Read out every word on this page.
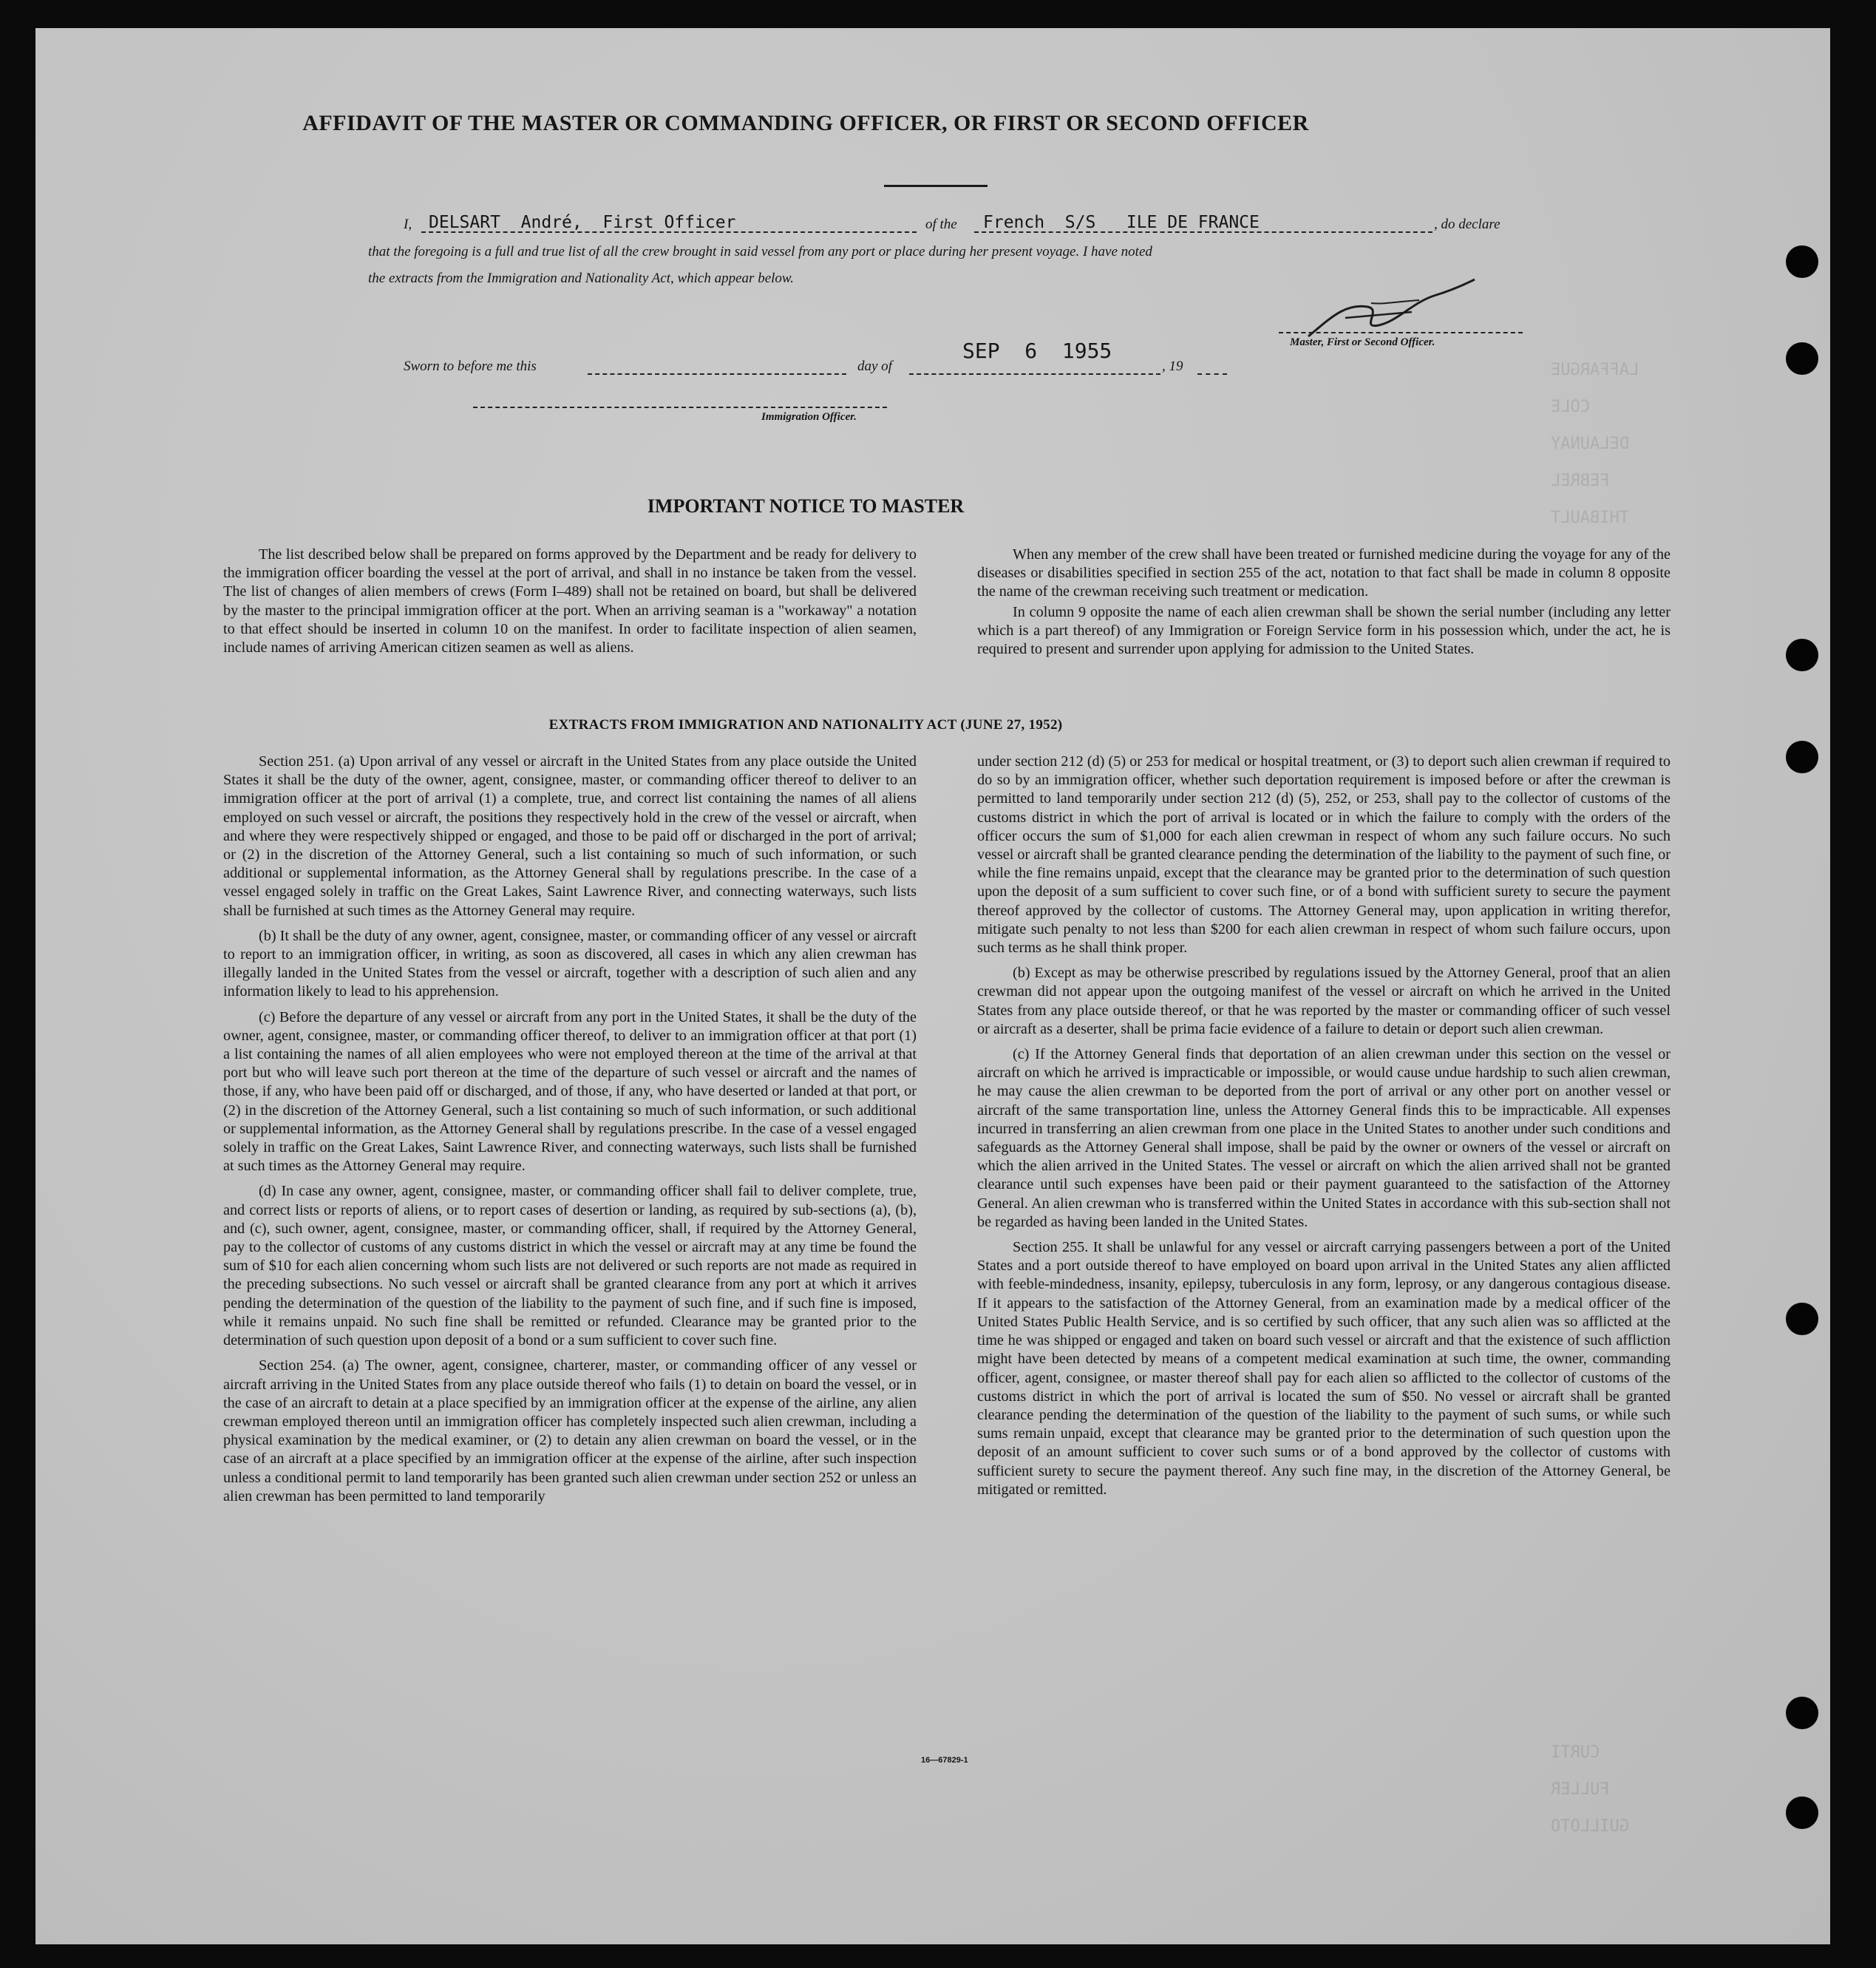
LAFFARGUE
COLE
DELAUNAY
FEBREL
THIBAULT
CURTI
FULLER
GUILLOTO
AFFIDAVIT OF THE MASTER OR COMMANDING OFFICER, OR FIRST OR SECOND OFFICER
I, DELSART  André,  First Officer	of the French  S/S   ILE DE FRANCE	, do declare
that the foregoing is a full and true list of all the crew brought in said vessel from any port or place during her present voyage. I have noted
the extracts from the Immigration and Nationality Act, which appear below.
Master, First or Second Officer.
Sworn to before me this	day of
SEP  6  1955
, 19
Immigration Officer.
IMPORTANT NOTICE TO MASTER

The list described below shall be prepared on forms approved by the Department and be ready for delivery to the immigration officer boarding the vessel at the port of arrival, and shall in no instance be taken from the vessel. The list of changes of alien members of crews (Form I–489) shall not be retained on board, but shall be delivered by the master to the principal immigration officer at the port. When an arriving seaman is a "workaway" a notation to that effect should be inserted in column 10 on the manifest. In order to facilitate inspection of alien seamen, include names of arriving American citizen seamen as well as aliens.

When any member of the crew shall have been treated or furnished medicine during the voyage for any of the diseases or disabilities specified in section 255 of the act, notation to that fact shall be made in column 8 opposite the name of the crewman receiving such treatment or medication.

In column 9 opposite the name of each alien crewman shall be shown the serial number (including any letter which is a part thereof) of any Immigration or Foreign Service form in his possession which, under the act, he is required to present and surrender upon applying for admission to the United States.

EXTRACTS FROM IMMIGRATION AND NATIONALITY ACT (JUNE 27, 1952)

Section 251. (a) Upon arrival of any vessel or aircraft in the United States from any place outside the United States it shall be the duty of the owner, agent, consignee, master, or commanding officer thereof to deliver to an immigration officer at the port of arrival (1) a complete, true, and correct list containing the names of all aliens employed on such vessel or aircraft, the positions they respectively hold in the crew of the vessel or aircraft, when and where they were respectively shipped or engaged, and those to be paid off or discharged in the port of arrival; or (2) in the discretion of the Attorney General, such a list containing so much of such information, or such additional or supplemental information, as the Attorney General shall by regulations prescribe. In the case of a vessel engaged solely in traffic on the Great Lakes, Saint Lawrence River, and connecting waterways, such lists shall be furnished at such times as the Attorney General may require.

(b) It shall be the duty of any owner, agent, consignee, master, or commanding officer of any vessel or aircraft to report to an immigration officer, in writing, as soon as discovered, all cases in which any alien crewman has illegally landed in the United States from the vessel or aircraft, together with a description of such alien and any information likely to lead to his apprehension.

(c) Before the departure of any vessel or aircraft from any port in the United States, it shall be the duty of the owner, agent, consignee, master, or commanding officer thereof, to deliver to an immigration officer at that port (1) a list containing the names of all alien employees who were not employed thereon at the time of the arrival at that port but who will leave such port thereon at the time of the departure of such vessel or aircraft and the names of those, if any, who have been paid off or discharged, and of those, if any, who have deserted or landed at that port, or (2) in the discretion of the Attorney General, such a list containing so much of such information, or such additional or supplemental information, as the Attorney General shall by regulations prescribe. In the case of a vessel engaged solely in traffic on the Great Lakes, Saint Lawrence River, and connecting waterways, such lists shall be furnished at such times as the Attorney General may require.

(d) In case any owner, agent, consignee, master, or commanding officer shall fail to deliver complete, true, and correct lists or reports of aliens, or to report cases of desertion or landing, as required by sub-sections (a), (b), and (c), such owner, agent, consignee, master, or commanding officer, shall, if required by the Attorney General, pay to the collector of customs of any customs district in which the vessel or aircraft may at any time be found the sum of $10 for each alien concerning whom such lists are not delivered or such reports are not made as required in the preceding subsections. No such vessel or aircraft shall be granted clearance from any port at which it arrives pending the determination of the question of the liability to the payment of such fine, and if such fine is imposed, while it remains unpaid. No such fine shall be remitted or refunded. Clearance may be granted prior to the determination of such question upon deposit of a bond or a sum sufficient to cover such fine.

Section 254. (a) The owner, agent, consignee, charterer, master, or commanding officer of any vessel or aircraft arriving in the United States from any place outside thereof who fails (1) to detain on board the vessel, or in the case of an aircraft to detain at a place specified by an immigration officer at the expense of the airline, any alien crewman employed thereon until an immigration officer has completely inspected such alien crewman, including a physical examination by the medical examiner, or (2) to detain any alien crewman on board the vessel, or in the case of an aircraft at a place specified by an immigration officer at the expense of the airline, after such inspection unless a conditional permit to land temporarily has been granted such alien crewman under section 252 or unless an alien crewman has been permitted to land temporarily

under section 212 (d) (5) or 253 for medical or hospital treatment, or (3) to deport such alien crewman if required to do so by an immigration officer, whether such deportation requirement is imposed before or after the crewman is permitted to land temporarily under section 212 (d) (5), 252, or 253, shall pay to the collector of customs of the customs district in which the port of arrival is located or in which the failure to comply with the orders of the officer occurs the sum of $1,000 for each alien crewman in respect of whom any such failure occurs. No such vessel or aircraft shall be granted clearance pending the determination of the liability to the payment of such fine, or while the fine remains unpaid, except that the clearance may be granted prior to the determination of such question upon the deposit of a sum sufficient to cover such fine, or of a bond with sufficient surety to secure the payment thereof approved by the collector of customs. The Attorney General may, upon application in writing therefor, mitigate such penalty to not less than $200 for each alien crewman in respect of whom such failure occurs, upon such terms as he shall think proper.

(b) Except as may be otherwise prescribed by regulations issued by the Attorney General, proof that an alien crewman did not appear upon the outgoing manifest of the vessel or aircraft on which he arrived in the United States from any place outside thereof, or that he was reported by the master or commanding officer of such vessel or aircraft as a deserter, shall be prima facie evidence of a failure to detain or deport such alien crewman.

(c) If the Attorney General finds that deportation of an alien crewman under this section on the vessel or aircraft on which he arrived is impracticable or impossible, or would cause undue hardship to such alien crewman, he may cause the alien crewman to be deported from the port of arrival or any other port on another vessel or aircraft of the same transportation line, unless the Attorney General finds this to be impracticable. All expenses incurred in transferring an alien crewman from one place in the United States to another under such conditions and safeguards as the Attorney General shall impose, shall be paid by the owner or owners of the vessel or aircraft on which the alien arrived in the United States. The vessel or aircraft on which the alien arrived shall not be granted clearance until such expenses have been paid or their payment guaranteed to the satisfaction of the Attorney General. An alien crewman who is transferred within the United States in accordance with this sub-section shall not be regarded as having been landed in the United States.

Section 255. It shall be unlawful for any vessel or aircraft carrying passengers between a port of the United States and a port outside thereof to have employed on board upon arrival in the United States any alien afflicted with feeble-mindedness, insanity, epilepsy, tuberculosis in any form, leprosy, or any dangerous contagious disease. If it appears to the satisfaction of the Attorney General, from an examination made by a medical officer of the United States Public Health Service, and is so certified by such officer, that any such alien was so afflicted at the time he was shipped or engaged and taken on board such vessel or aircraft and that the existence of such affliction might have been detected by means of a competent medical examination at such time, the owner, commanding officer, agent, consignee, or master thereof shall pay for each alien so afflicted to the collector of customs of the customs district in which the port of arrival is located the sum of $50. No vessel or aircraft shall be granted clearance pending the determination of the question of the liability to the payment of such sums, or while such sums remain unpaid, except that clearance may be granted prior to the determination of such question upon the deposit of an amount sufficient to cover such sums or of a bond approved by the collector of customs with sufficient surety to secure the payment thereof. Any such fine may, in the discretion of the Attorney General, be mitigated or remitted.

16—67829-1
